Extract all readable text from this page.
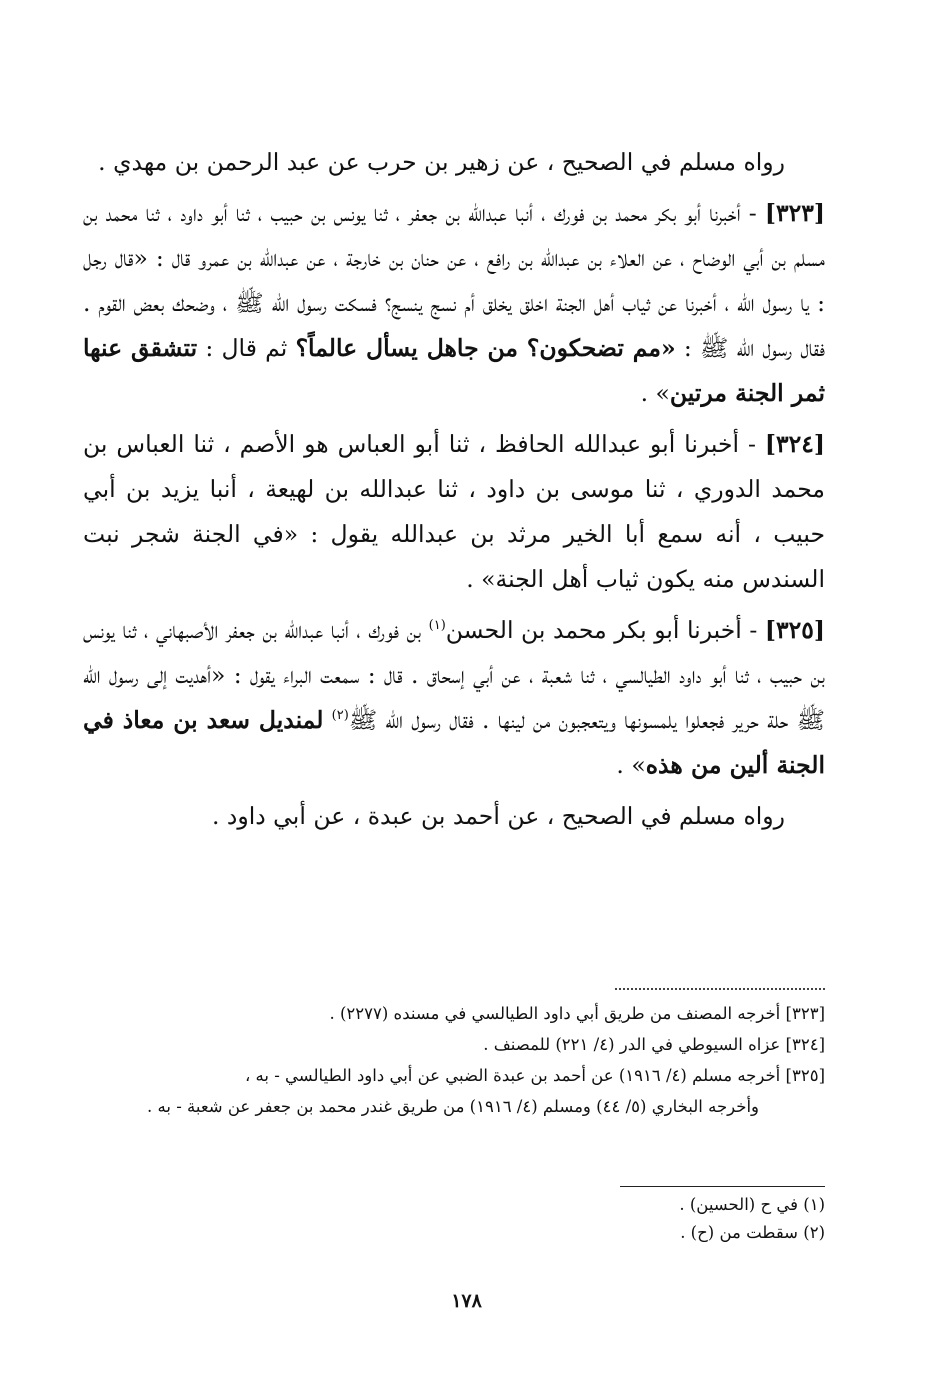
رواه مسلم في الصحيح ، عن زهير بن حرب عن عبد الرحمن بن مهدي .

[٣٢٣] - أخبرنا أبو بكر محمد بن فورك ، أنبا عبدالله بن جعفر ، ثنا يونس بن حبيب ، ثنا أبو داود ، ثنا محمد بن مسلم بن أبي الوضاح ، عن العلاء بن عبدالله بن رافع ، عن حنان بن خارجة ، عن عبدالله بن عمرو قال : «قال رجل : يا رسول الله ، أخبرنا عن ثياب أهل الجنة اخلق يخلق أم نسج ينسج؟ فسكت رسول الله ﷺ ، وضحك بعض القوم . فقال رسول الله ﷺ : «مم تضحكون؟ من جاهل يسأل عالماً؟ ثم قال : تتشقق عنها ثمر الجنة مرتين» .

[٣٢٤] - أخبرنا أبو عبدالله الحافظ ، ثنا أبو العباس هو الأصم ، ثنا العباس بن محمد الدوري ، ثنا موسى بن داود ، ثنا عبدالله بن لهيعة ، أنبا يزيد بن أبي حبيب ، أنه سمع أبا الخير مرثد بن عبدالله يقول : «في الجنة شجر نبت السندس منه يكون ثياب أهل الجنة» .

[٣٢٥] - أخبرنا أبو بكر محمد بن الحسن$^{(١)}$ بن فورك ، أنبا عبدالله بن جعفر الأصبهاني ، ثنا يونس بن حبيب ، ثنا أبو داود الطيالسي ، ثنا شعبة ، عن أبي إسحاق . قال : سمعت البراء يقول : «أهديت إلى رسول الله ﷺ حلة حرير فجعلوا يلمسونها ويتعجبون من لينها . فقال رسول الله ﷺ$^{(٢)}$ لمنديل سعد بن معاذ في الجنة ألين من هذه» .

رواه مسلم في الصحيح ، عن أحمد بن عبدة ، عن أبي داود .

[٣٢٣] أخرجه المصنف من طريق أبي داود الطيالسي في مسنده (٢٢٧٧) .

[٣٢٤] عزاه السيوطي في الدر (٤/ ٢٢١) للمصنف .

[٣٢٥] أخرجه مسلم (٤/ ١٩١٦) عن أحمد بن عبدة الضبي عن أبي داود الطيالسي - به ،

وأخرجه البخاري (٥/ ٤٤) ومسلم (٤/ ١٩١٦) من طريق غندر محمد بن جعفر عن شعبة - به .

(١) في ح (الحسين) .

(٢) سقطت من (ح) .

١٧٨
